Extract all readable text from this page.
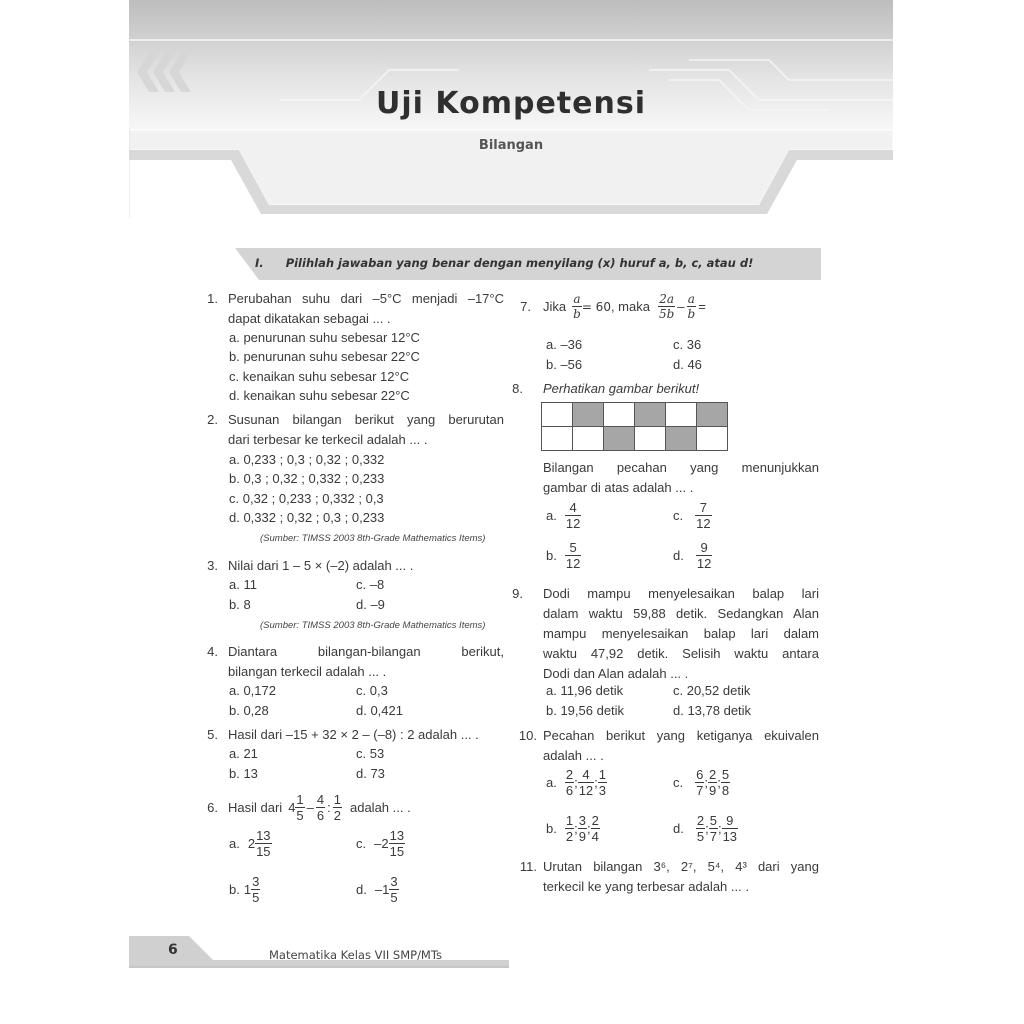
Uji Kompetensi
Bilangan
I. Pilihlah jawaban yang benar dengan menyilang (x) huruf a, b, c, atau d!
1. Perubahan suhu dari –5°C menjadi –17°C
dapat dikatakan sebagai ... .
a. penurunan suhu sebesar 12°C
b. penurunan suhu sebesar 22°C
c. kenaikan suhu sebesar 12°C
d. kenaikan suhu sebesar 22°C
2. Susunan bilangan berikut yang berurutan
dari terbesar ke terkecil adalah ... .
a. 0,233 ; 0,3 ; 0,32 ; 0,332
b. 0,3 ; 0,32 ; 0,332 ; 0,233
c. 0,32 ; 0,233 ; 0,332 ; 0,3
d. 0,332 ; 0,32 ; 0,3 ; 0,233
(Sumber: TIMSS 2003 8th-Grade Mathematics Items)
3. Nilai dari 1 – 5 × (–2) adalah ... .
a. 11
b. 8
c. –8
d. –9
(Sumber: TIMSS 2003 8th-Grade Mathematics Items)
4. Diantara bilangan-bilangan berikut,
bilangan terkecil adalah ... .
a. 0,172
b. 0,28
c. 0,3
d. 0,421
5. Hasil dari –15 + 32 × 2 – (–8) : 2 adalah ... .
a. 21
b. 13
c. 53
d. 73
6. Hasil dari $4 \frac{1}{5} - \frac{4}{6}$ : $\frac{1}{2}$ adalah ... .
a. $2 \frac{13}{15}$
b. $1 \frac{3}{5}$
c. $-2 \frac{13}{15}$
d. $-1 \frac{3}{5}$
7. Jika $\frac{a}{b} = 60$ , maka 2a
$5b - \frac{a}{b}$ =
a. –36
b. –56
c. 36
d. 46
8. Perhatikan gambar berikut!

Bilangan pecahan yang menunjukkan
gambar di atas adalah ... .
a. $\frac{4}{12}$
b. $\frac{5}{12}$
c. $\frac{7}{12}$
d. $\frac{9}{12}$
9. Dodi mampu menyelesaikan balap lari
dalam waktu 59,88 detik. Sedangkan Alan
mampu menyelesaikan balap lari dalam
waktu 47,92 detik. Selisih waktu antara
Dodi dan Alan adalah ... .
a. 11,96 detik
b. 19,56 detik
c. 20,52 detik
d. 13,78 detik
10. Pecahan berikut yang ketiganya ekuivalen
adalah ... .
a. $\frac{2}{6}$ ; $\frac{4}{12}$ ; $\frac{1}{3}$
b. $\frac{1}{2}$ ; $\frac{3}{9}$ ; $\frac{2}{4}$
c. $\frac{6}{7}$ ; $\frac{2}{9}$ ; $\frac{5}{8}$
d. $\frac{2}{5}$ ; $\frac{5}{7}$ ; $\frac{9}{13}$
11. Urutan bilangan 3⁶, 2⁷, 5⁴, 4³ dari yang
terkecil ke yang terbesar adalah ... .
6	Matematika Kelas VII SMP/MTs
